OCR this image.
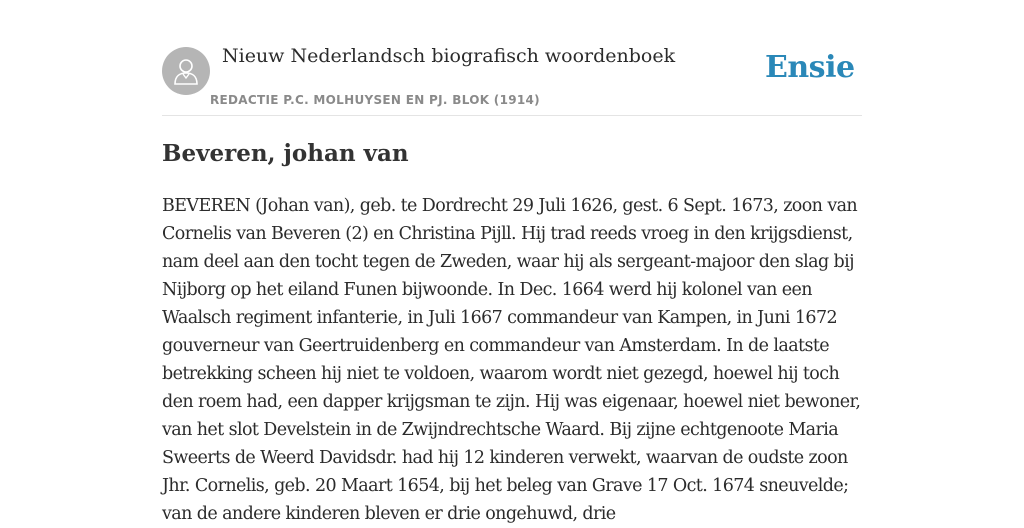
Nieuw Nederlandsch biografisch woordenboek
REDACTIE P.C. MOLHUYSEN EN PJ. BLOK (1914)
Ensie
Beveren, johan van

BEVEREN (Johan van), geb. te Dordrecht 29 Juli 1626, gest. 6 Sept. 1673, zoon van Cornelis van Beveren (2) en Christina Pijll. Hij trad reeds vroeg in den krijgsdienst, nam deel aan den tocht tegen de Zweden, waar hij als sergeant-majoor den slag bij Nijborg op het eiland Funen bijwoonde. In Dec. 1664 werd hij kolonel van een Waalsch regiment infanterie, in Juli 1667 commandeur van Kampen, in Juni 1672 gouverneur van Geertruidenberg en commandeur van Amsterdam. In de laatste betrekking scheen hij niet te voldoen, waarom wordt niet gezegd, hoewel hij toch den roem had, een dapper krijgsman te zijn. Hij was eigenaar, hoewel niet bewoner, van het slot Develstein in de Zwijndrechtsche Waard. Bij zijne echtgenoote Maria Sweerts de Weerd Davidsdr. had hij 12 kinderen verwekt, waarvan de oudste zoon Jhr. Cornelis, geb. 20 Maart 1654, bij het beleg van Grave 17 Oct. 1674 sneuvelde; van de andere kinderen bleven er drie ongehuwd, drie
